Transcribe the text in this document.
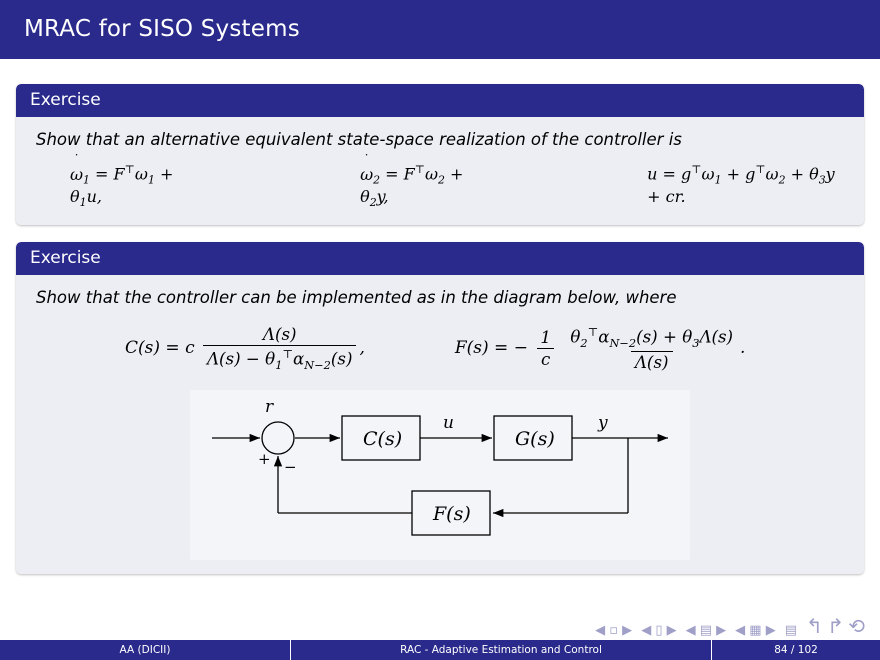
MRAC for SISO Systems
Exercise
Show that an alternative equivalent state-space realization of the controller is
˙
$\omega_1 = F^⊤\omega_1 + \theta_1u$,
˙
$\omega_2 = F^⊤\omega_2 + \theta_2y$,
$u = g^⊤\omega_1 + g^⊤\omega_2 + \theta_3y$ + cr.
Exercise
Show that the controller can be implemented as in the diagram below, where
C(s) = c $\frac{\Lambda(s)}{\Lambda(s) - \theta_1^⊤\alpha_{N-2}(s)}$ ,	F(s) = − $\frac{1}{c}$
$\frac{\theta_2^⊤\alpha_{N-2}(s) + \theta_3\Lambda(s)}{\Lambda(s)}$ .
r
u	y
C(s)	G(s)
F(s)
+ −
◀ ▫ ▶ ◀ ▯ ▶ ◀ ▤ ▶ ◀ ▦ ▶ ▤ ↰ ↱ ⟲
AA (DICII)	RAC - Adaptive Estimation and Control	84 / 102
